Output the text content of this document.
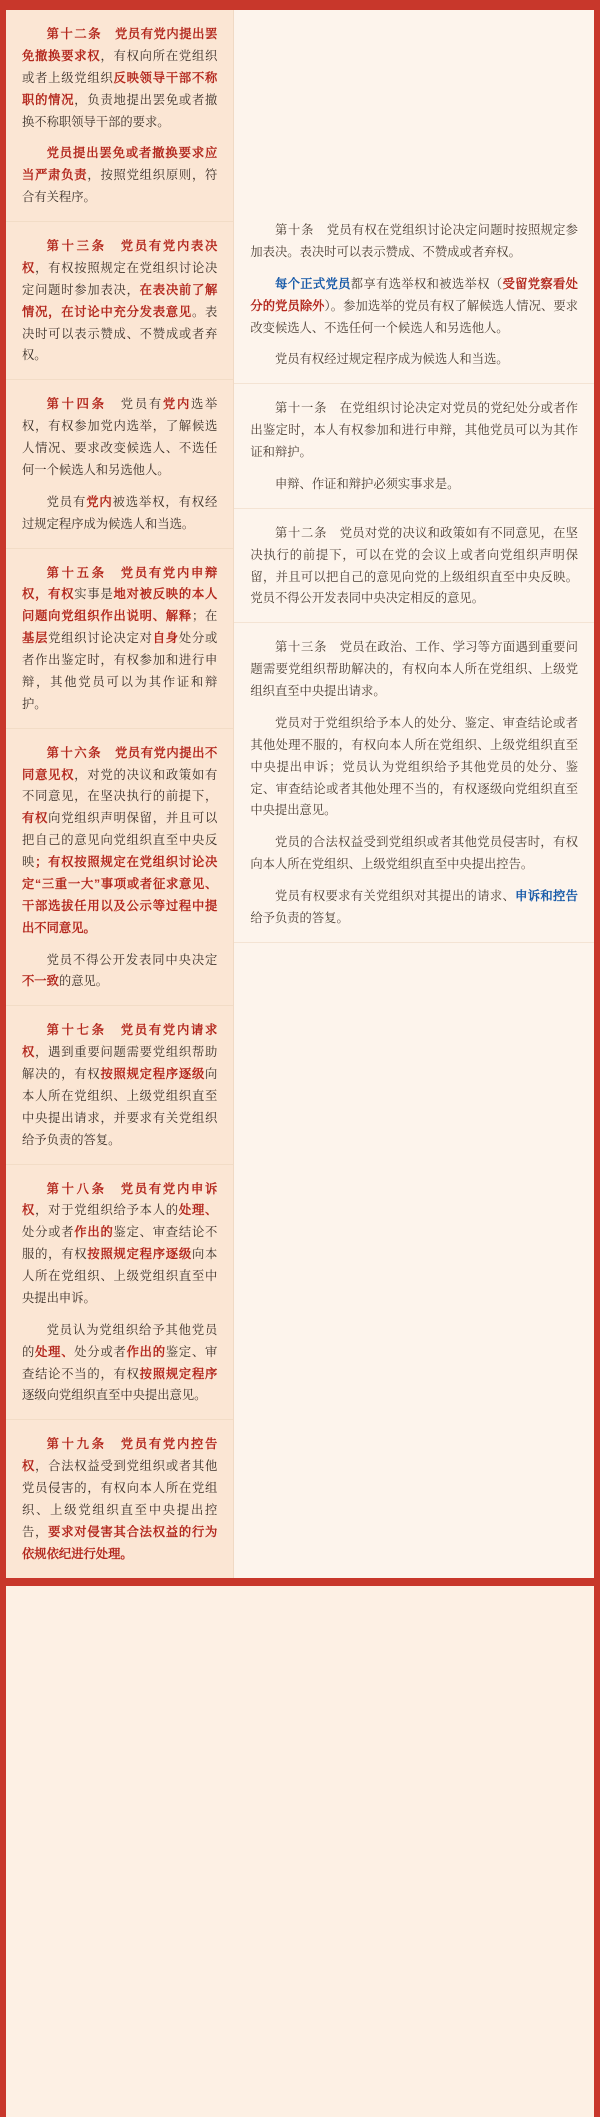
第十二条　 党员有党内提出罢免撤换要求权，有权向所在党组织或者上级党组织反映领导干部不称职的情况，负责地提出罢免或者撤换不称职领导干部的要求。

党员提出罢免或者撤换要求应当严肃负责，按照党组织原则，符合有关程序。

第十三条　 党员有党内表决权，有权按照规定在党组织讨论决定问题时参加表决，在表决前了解情况，在讨论中充分发表意见。表决时可以表示赞成、不赞成或者弃权。

第十四条　 党员有党内选举权，有权参加党内选举，了解候选人情况、要求改变候选人、不选任何一个候选人和另选他人。

党员有党内被选举权，有权经过规定程序成为候选人和当选。

第十五条　 党员有党内申辩权，有权实事是地对被反映的本人问题向党组织作出说明、解释；在基层党组织讨论决定对自身处分或者作出鉴定时，有权参加和进行申辩，其他党员可以为其作证和辩护。

第十六条　 党员有党内提出不同意见权，对党的决议和政策如有不同意见，在坚决执行的前提下，有权向党组织声明保留，并且可以把自己的意见向党组织直至中央反映；有权按照规定在党组织讨论决定“三重一大”事项或者征求意见、干部选拔任用以及公示等过程中提出不同意见。

党员不得公开发表同中央决定不一致的意见。

第十七条　 党员有党内请求权，遇到重要问题需要党组织帮助解决的，有权按照规定程序逐级向本人所在党组织、上级党组织直至中央提出请求，并要求有关党组织给予负责的答复。

第十八条　 党员有党内申诉权，对于党组织给予本人的处理、处分或者作出的鉴定、审查结论不服的，有权按照规定程序逐级向本人所在党组织、上级党组织直至中央提出申诉。

党员认为党组织给予其他党员的处理、处分或者作出的鉴定、审查结论不当的，有权按照规定程序逐级向党组织直至中央提出意见。

第十九条　 党员有党内控告权，合法权益受到党组织或者其他党员侵害的，有权向本人所在党组织、上级党组织直至中央提出控告，要求对侵害其合法权益的行为依规依纪进行处理。

第十条　 党员有权在党组织讨论决定问题时按照规定参加表决。表决时可以表示赞成、不赞成或者弃权。

每个正式党员都享有选举权和被选举权（受留党察看处分的党员除外）。参加选举的党员有权了解候选人情况、要求改变候选人、不选任何一个候选人和另选他人。

党员有权经过规定程序成为候选人和当选。

第十一条　 在党组织讨论决定对党员的党纪处分或者作出鉴定时，本人有权参加和进行申辩，其他党员可以为其作证和辩护。

申辩、作证和辩护必须实事求是。

第十二条　 党员对党的决议和政策如有不同意见，在坚决执行的前提下，可以在党的会议上或者向党组织声明保留，并且可以把自己的意见向党的上级组织直至中央反映。党员不得公开发表同中央决定相反的意见。

第十三条　 党员在政治、工作、学习等方面遇到重要问题需要党组织帮助解决的，有权向本人所在党组织、上级党组织直至中央提出请求。

党员对于党组织给予本人的处分、鉴定、审查结论或者其他处理不服的，有权向本人所在党组织、上级党组织直至中央提出申诉；党员认为党组织给予其他党员的处分、鉴定、审查结论或者其他处理不当的，有权逐级向党组织直至中央提出意见。

党员的合法权益受到党组织或者其他党员侵害时，有权向本人所在党组织、上级党组织直至中央提出控告。

党员有权要求有关党组织对其提出的请求、申诉和控告给予负责的答复。
